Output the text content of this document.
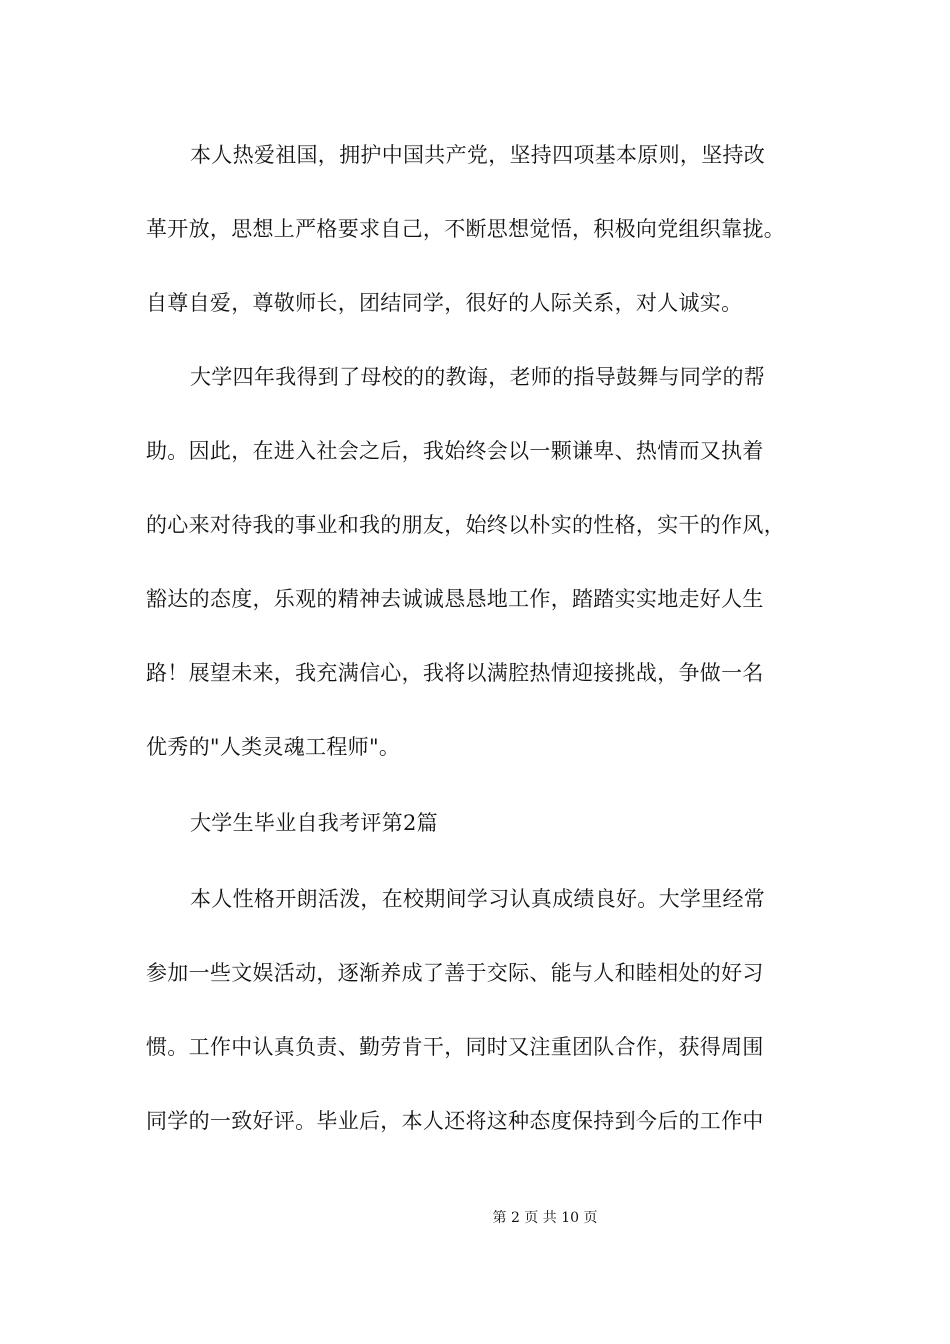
本人热爱祖国，拥护中国共产党，坚持四项基本原则，坚持改
革开放，思想上严格要求自己，不断思想觉悟，积极向党组织靠拢。
自尊自爱，尊敬师长，团结同学，很好的人际关系，对人诚实。
大学四年我得到了母校的的教诲，老师的指导鼓舞与同学的帮
助。因此，在进入社会之后，我始终会以一颗谦卑、热情而又执着
的心来对待我的事业和我的朋友，始终以朴实的性格，实干的作风，
豁达的态度，乐观的精神去诚诚恳恳地工作，踏踏实实地走好人生
路！展望未来，我充满信心，我将以满腔热情迎接挑战，争做一名
优秀的"人类灵魂工程师"。
大学生毕业自我考评第2篇
本人性格开朗活泼，在校期间学习认真成绩良好。大学里经常
参加一些文娱活动，逐渐养成了善于交际、能与人和睦相处的好习
惯。工作中认真负责、勤劳肯干，同时又注重团队合作，获得周围
同学的一致好评。毕业后，本人还将这种态度保持到今后的工作中
第 2 页 共 10 页
